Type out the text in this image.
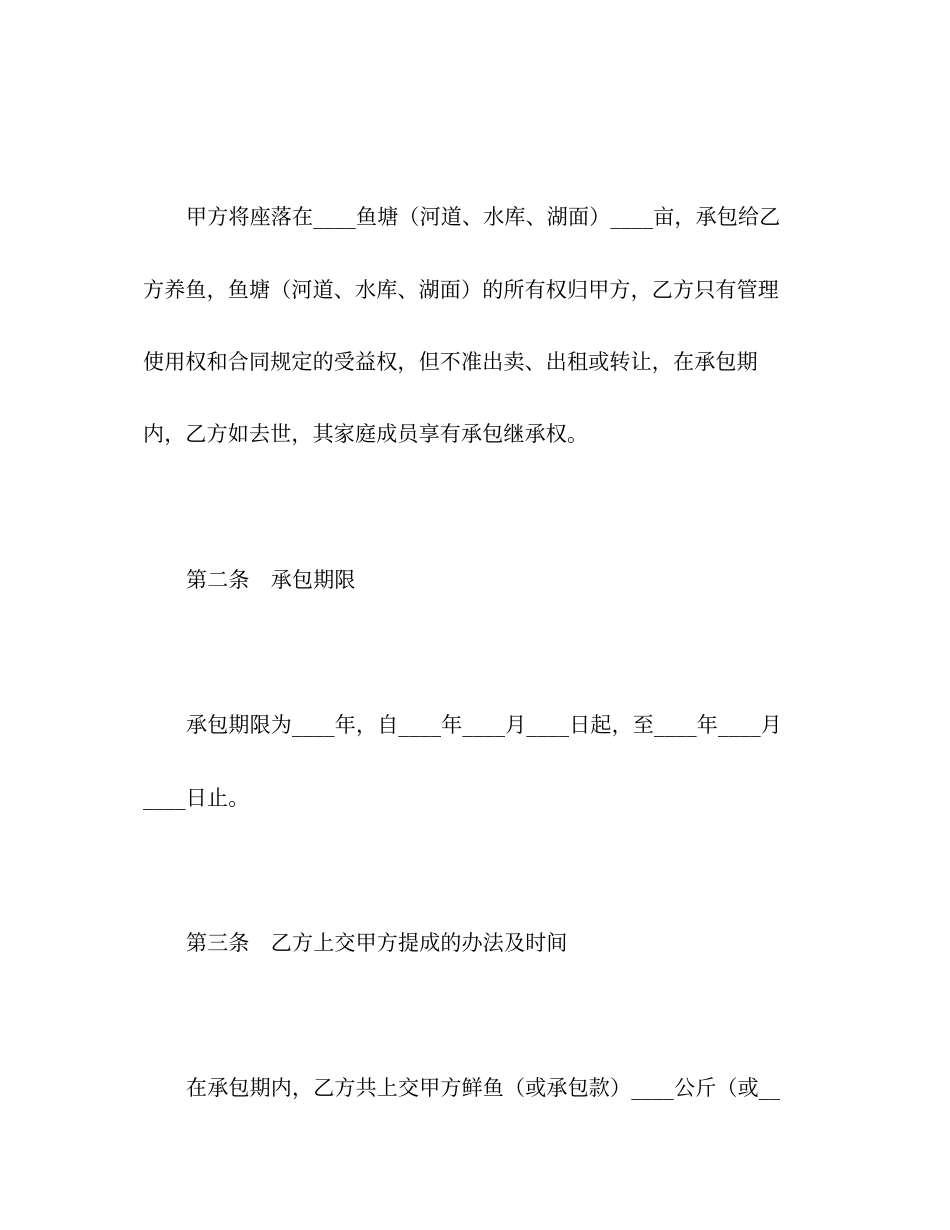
甲方将座落在____鱼塘（河道、水库、湖面）____亩，承包给乙
方养鱼，鱼塘（河道、水库、湖面）的所有权归甲方，乙方只有管理
使用权和合同规定的受益权，但不准出卖、出租或转让，在承包期
内，乙方如去世，其家庭成员享有承包继承权。
第二条　承包期限
承包期限为____年，自____年____月____日起，至____年____月
____日止。
第三条　乙方上交甲方提成的办法及时间
在承包期内，乙方共上交甲方鲜鱼（或承包款）____公斤（或__
